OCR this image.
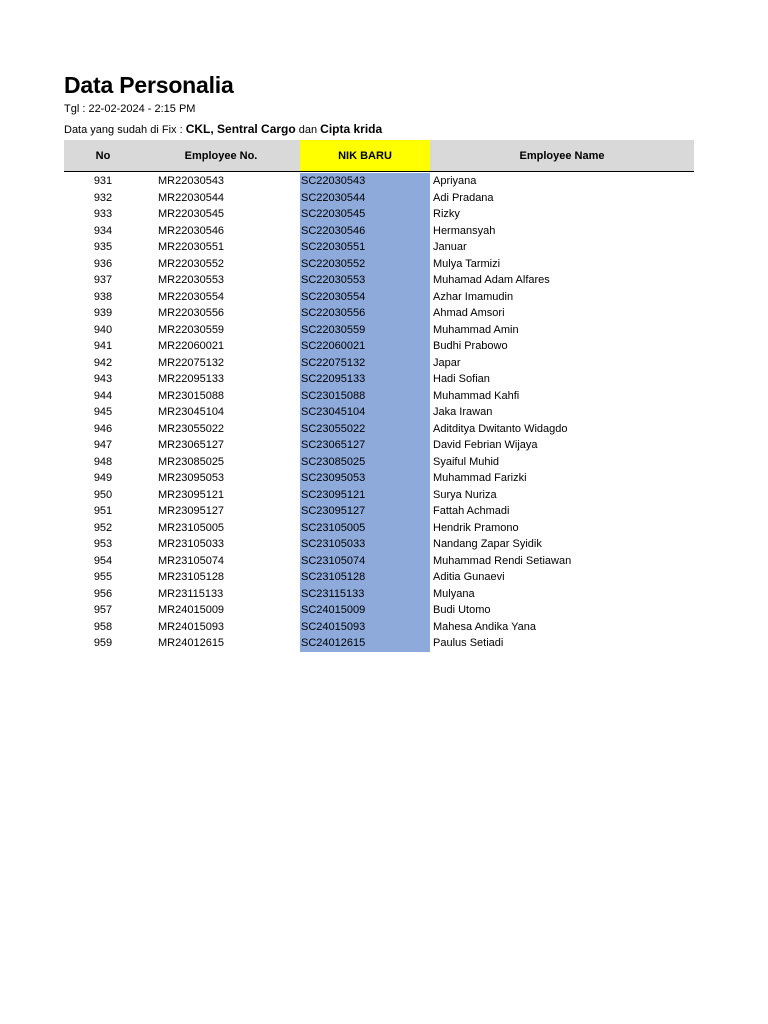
Data Personalia
Tgl : 22-02-2024 - 2:15 PM
Data yang sudah di Fix : CKL, Sentral Cargo dan Cipta krida
No	Employee No.	NIK BARU	Employee Name
931	MR22030543	SC22030543	Apriyana
932	MR22030544	SC22030544	Adi Pradana
933	MR22030545	SC22030545	Rizky
934	MR22030546	SC22030546	Hermansyah
935	MR22030551	SC22030551	Januar
936	MR22030552	SC22030552	Mulya Tarmizi
937	MR22030553	SC22030553	Muhamad Adam Alfares
938	MR22030554	SC22030554	Azhar Imamudin
939	MR22030556	SC22030556	Ahmad Amsori
940	MR22030559	SC22030559	Muhammad Amin
941	MR22060021	SC22060021	Budhi Prabowo
942	MR22075132	SC22075132	Japar
943	MR22095133	SC22095133	Hadi Sofian
944	MR23015088	SC23015088	Muhammad Kahfi
945	MR23045104	SC23045104	Jaka Irawan
946	MR23055022	SC23055022	Aditditya Dwitanto Widagdo
947	MR23065127	SC23065127	David Febrian Wijaya
948	MR23085025	SC23085025	Syaiful Muhid
949	MR23095053	SC23095053	Muhammad Farizki
950	MR23095121	SC23095121	Surya Nuriza
951	MR23095127	SC23095127	Fattah Achmadi
952	MR23105005	SC23105005	Hendrik Pramono
953	MR23105033	SC23105033	Nandang Zapar Syidik
954	MR23105074	SC23105074	Muhammad Rendi Setiawan
955	MR23105128	SC23105128	Aditia Gunaevi
956	MR23115133	SC23115133	Mulyana
957	MR24015009	SC24015009	Budi Utomo
958	MR24015093	SC24015093	Mahesa Andika Yana
959	MR24012615	SC24012615	Paulus Setiadi
